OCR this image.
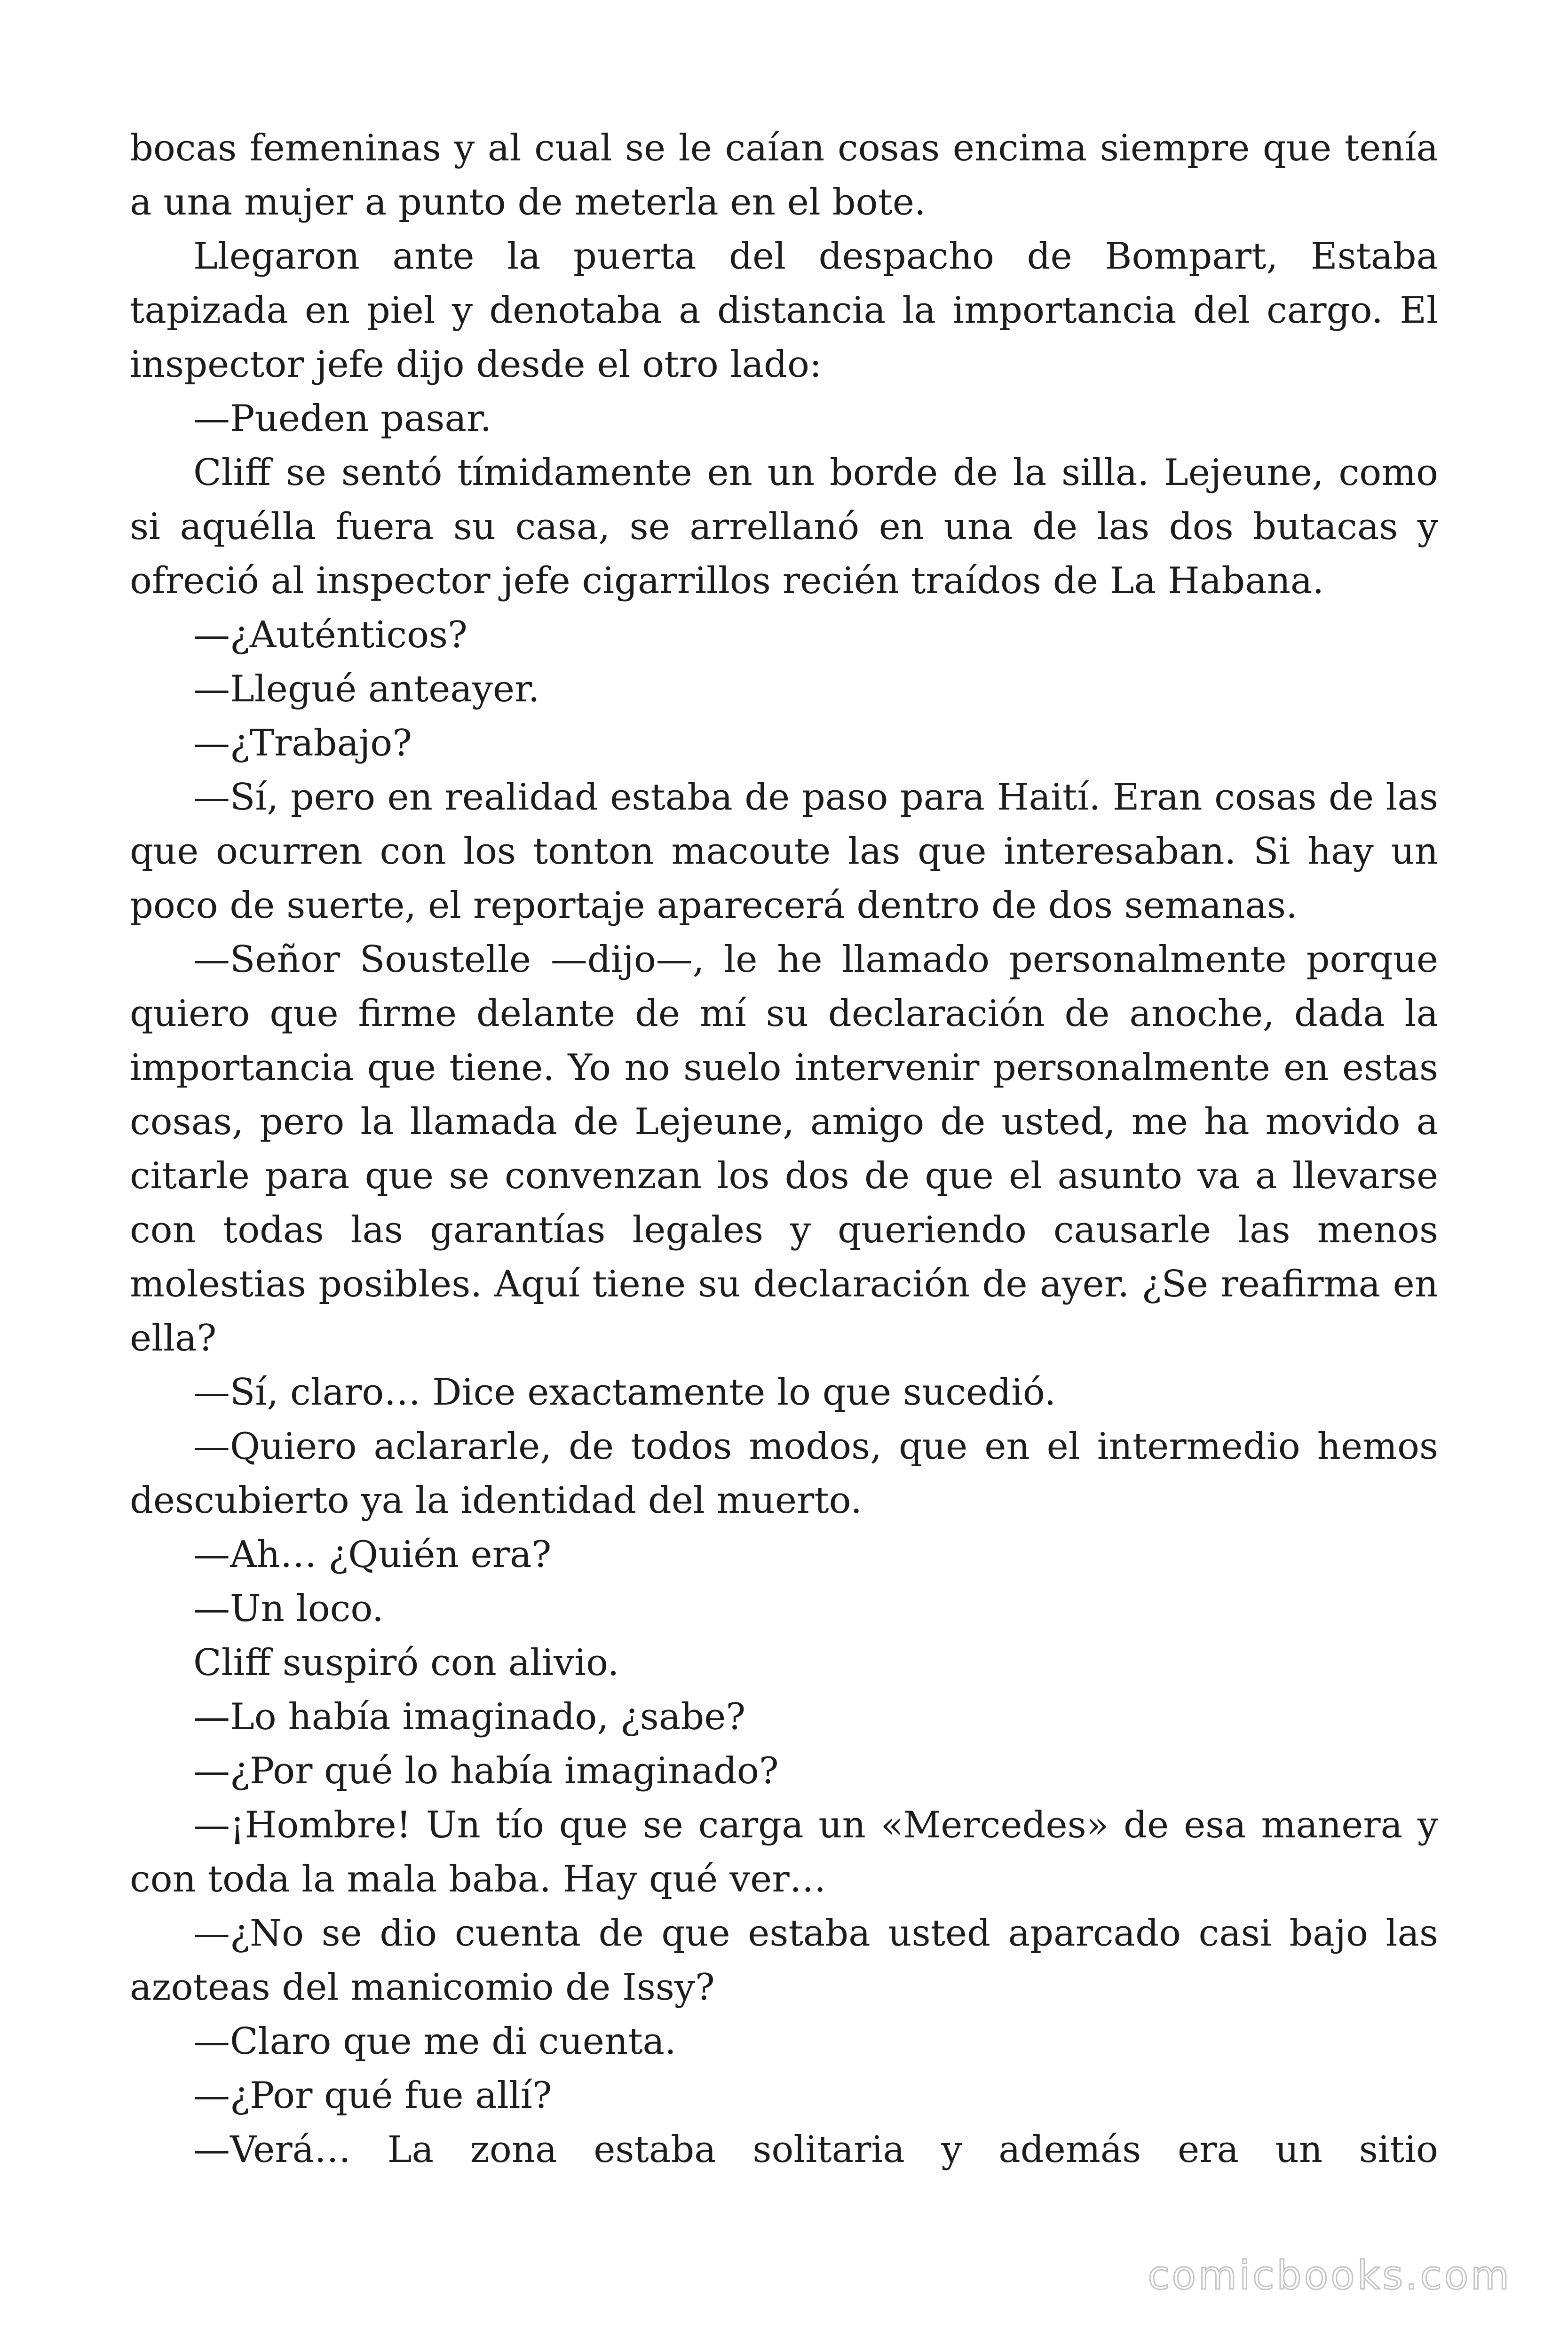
bocas femeninas y al cual se le caían cosas encima siempre que tenía a una mujer a punto de meterla en el bote.

Llegaron ante la puerta del despacho de Bompart, Estaba tapizada en piel y denotaba a distancia la importancia del cargo. El inspector jefe dijo desde el otro lado:

—Pueden pasar.

Cliff se sentó tímidamente en un borde de la silla. Lejeune, como si aquélla fuera su casa, se arrellanó en una de las dos butacas y ofreció al inspector jefe cigarrillos recién traídos de La Habana.

—¿Auténticos?

—Llegué anteayer.

—¿Trabajo?

—Sí, pero en realidad estaba de paso para Haití. Eran cosas de las que ocurren con los tonton macoute las que interesaban. Si hay un poco de suerte, el reportaje aparecerá dentro de dos semanas.

—Señor Soustelle —dijo—, le he llamado personalmente porque quiero que firme delante de mí su declaración de anoche, dada la importancia que tiene. Yo no suelo intervenir personalmente en estas cosas, pero la llamada de Lejeune, amigo de usted, me ha movido a citarle para que se convenzan los dos de que el asunto va a llevarse con todas las garantías legales y queriendo causarle las menos molestias posibles. Aquí tiene su declaración de ayer. ¿Se reafirma en ella?

—Sí, claro… Dice exactamente lo que sucedió.

—Quiero aclararle, de todos modos, que en el intermedio hemos descubierto ya la identidad del muerto.

—Ah… ¿Quién era?

—Un loco.

Cliff suspiró con alivio.

—Lo había imaginado, ¿sabe?

—¿Por qué lo había imaginado?

—¡Hombre! Un tío que se carga un «Mercedes» de esa manera y con toda la mala baba. Hay qué ver…

—¿No se dio cuenta de que estaba usted aparcado casi bajo las azoteas del manicomio de Issy?

—Claro que me di cuenta.

—¿Por qué fue allí?

—Verá… La zona estaba solitaria y además era un sitio

comicbooks.com
